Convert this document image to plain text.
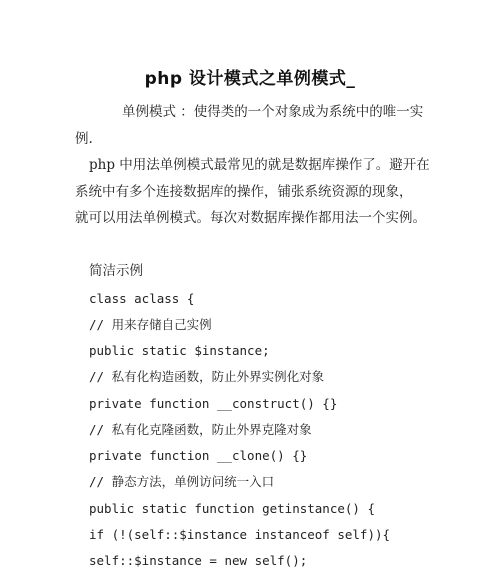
php 设计模式之单例模式_
单例模式 ：使得类的一个对象成为系统中的唯一实
例.
php 中用法单例模式最常见的就是数据库操作了。避开在
系统中有多个连接数据库的操作，铺张系统资源的现象，
就可以用法单例模式。每次对数据库操作都用法一个实例。
简洁示例
class aclass {
// 用来存储自己实例
public static $instance;
// 私有化构造函数，防止外界实例化对象
private function __construct() {}
// 私有化克隆函数，防止外界克隆对象
private function __clone() {}
// 静态方法，单例访问统一入口
public static function getinstance() {
if (!(self::$instance instanceof self)){
self::$instance = new self();
